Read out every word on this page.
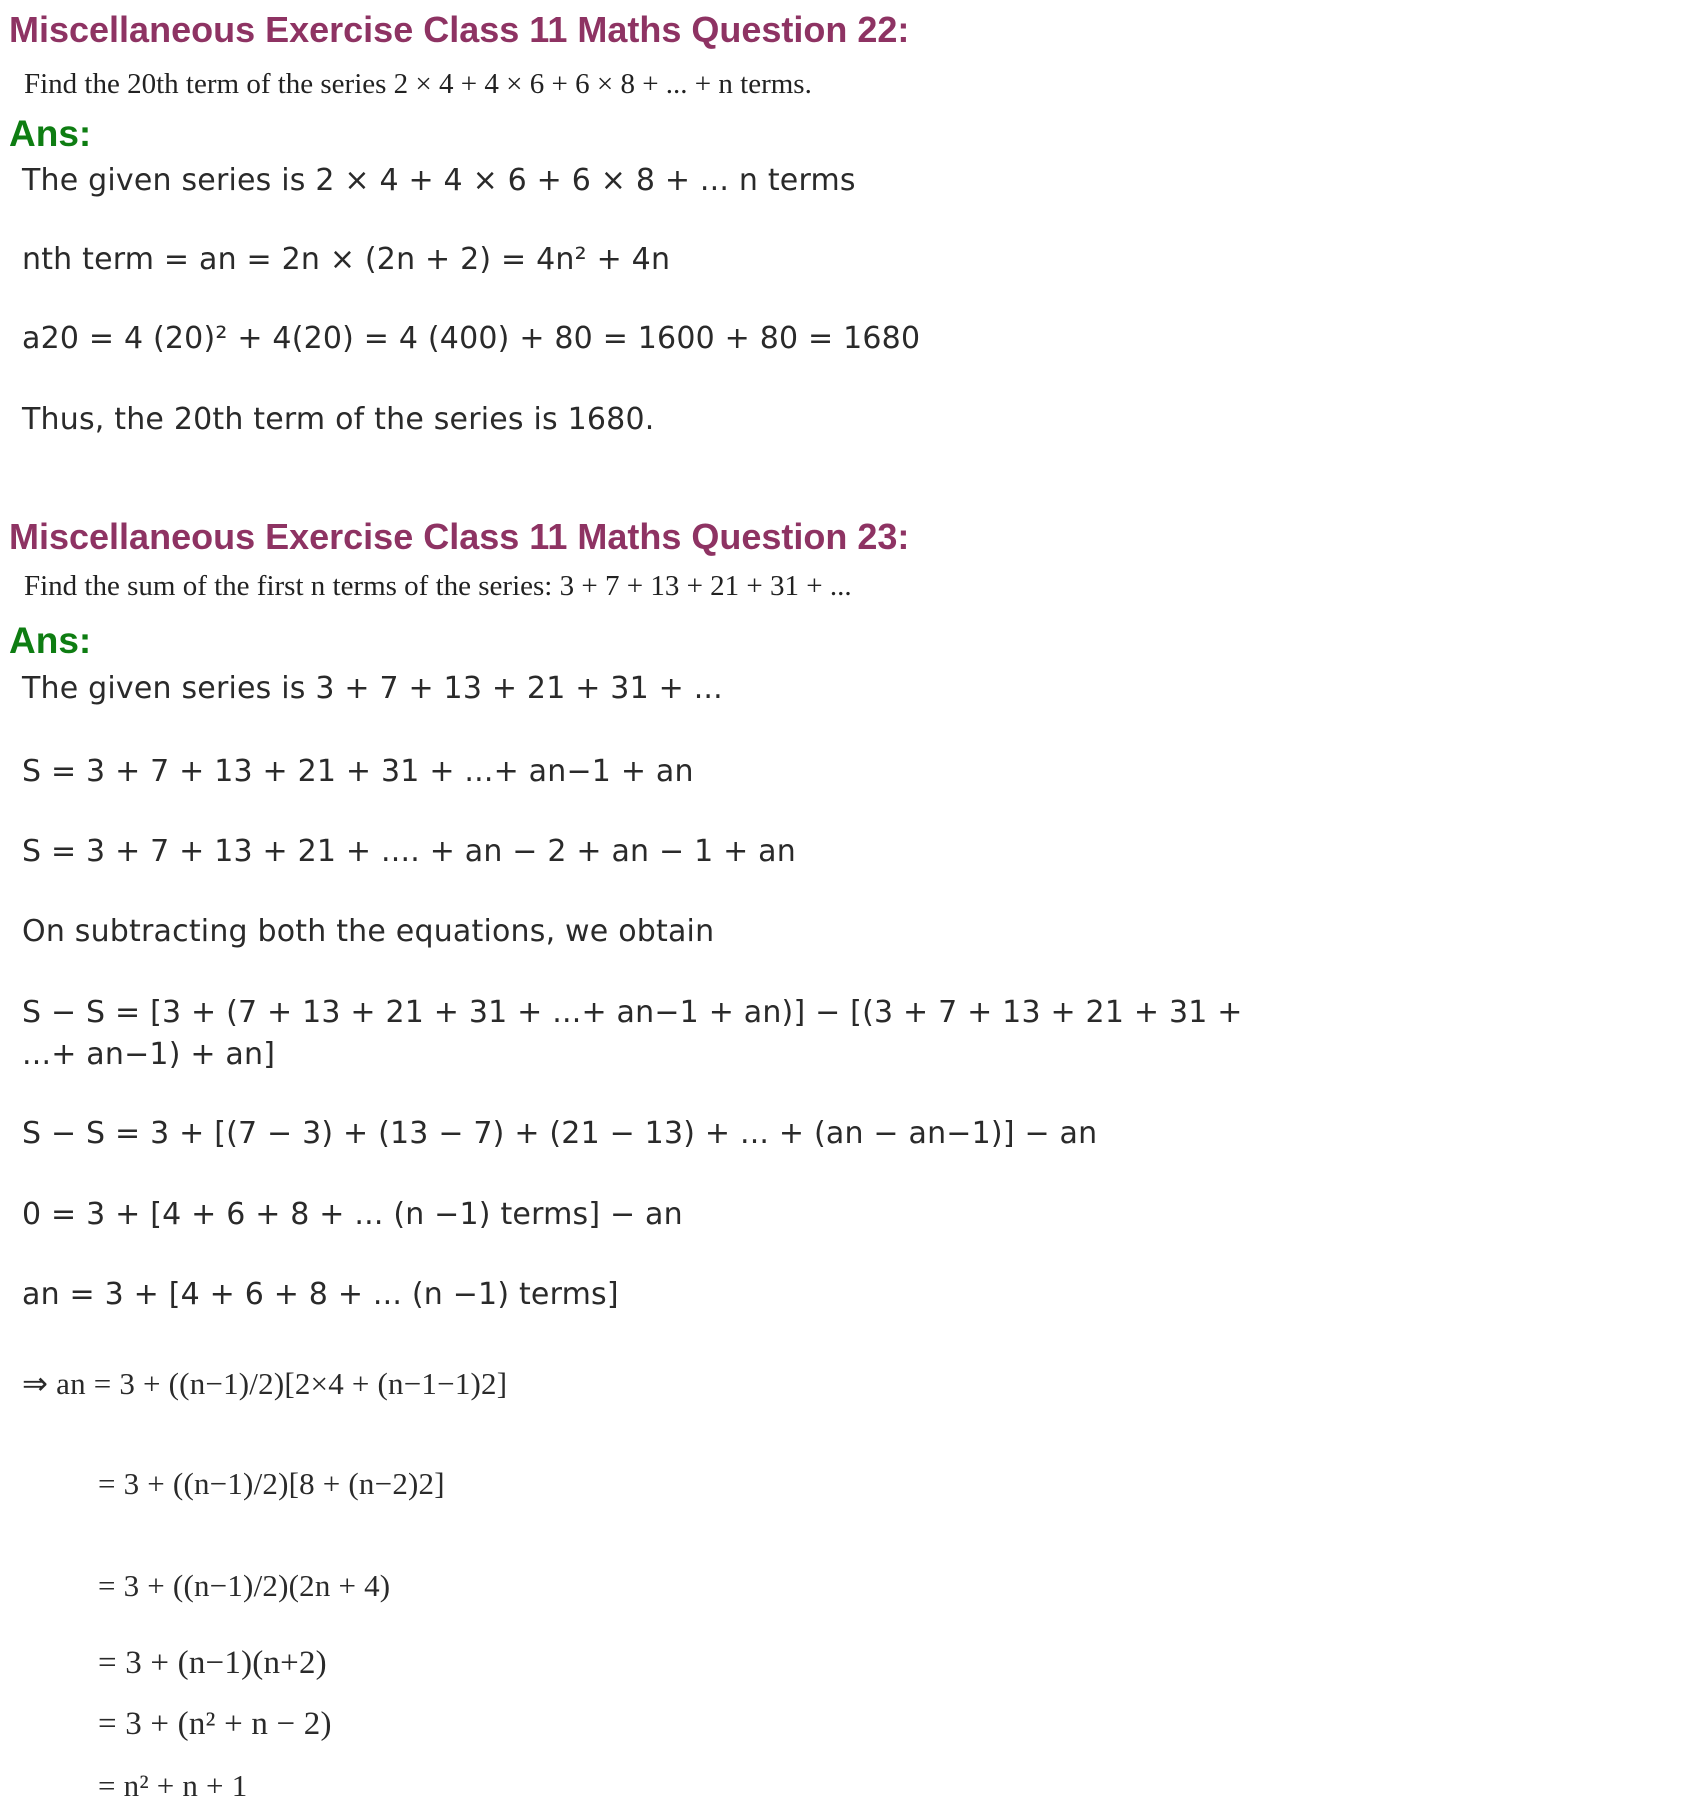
Miscellaneous Exercise Class 11 Maths Question 22:
Find the 20th term of the series 2 × 4 + 4 × 6 + 6 × 8 + ... + n terms.
Ans:
The given series is 2 × 4 + 4 × 6 + 6 × 8 + ... n terms
nth term = an = 2n × (2n + 2) = 4n² + 4n
a20 = 4 (20)² + 4(20) = 4 (400) + 80 = 1600 + 80 = 1680
Thus, the 20th term of the series is 1680.
Miscellaneous Exercise Class 11 Maths Question 23:
Find the sum of the first n terms of the series: 3 + 7 + 13 + 21 + 31 + ...
Ans:
The given series is 3 + 7 + 13 + 21 + 31 + ...
S = 3 + 7 + 13 + 21 + 31 + ...+ an−1 + an
S = 3 + 7 + 13 + 21 + .... + an − 2 + an − 1 + an
On subtracting both the equations, we obtain
S − S = [3 + (7 + 13 + 21 + 31 + ...+ an−1 + an)] − [(3 + 7 + 13 + 21 + 31 +
...+ an−1) + an]
S − S = 3 + [(7 − 3) + (13 − 7) + (21 − 13) + ... + (an − an−1)] − an
0 = 3 + [4 + 6 + 8 + ... (n −1) terms] − an
an = 3 + [4 + 6 + 8 + ... (n −1) terms]
⇒ an = 3 + ((n−1)/2)[2×4 + (n−1−1)2]
= 3 + ((n−1)/2)[8 + (n−2)2]
= 3 + ((n−1)/2)(2n + 4)
= 3 + (n−1)(n+2)
= 3 + (n² + n − 2)
= n² + n + 1
